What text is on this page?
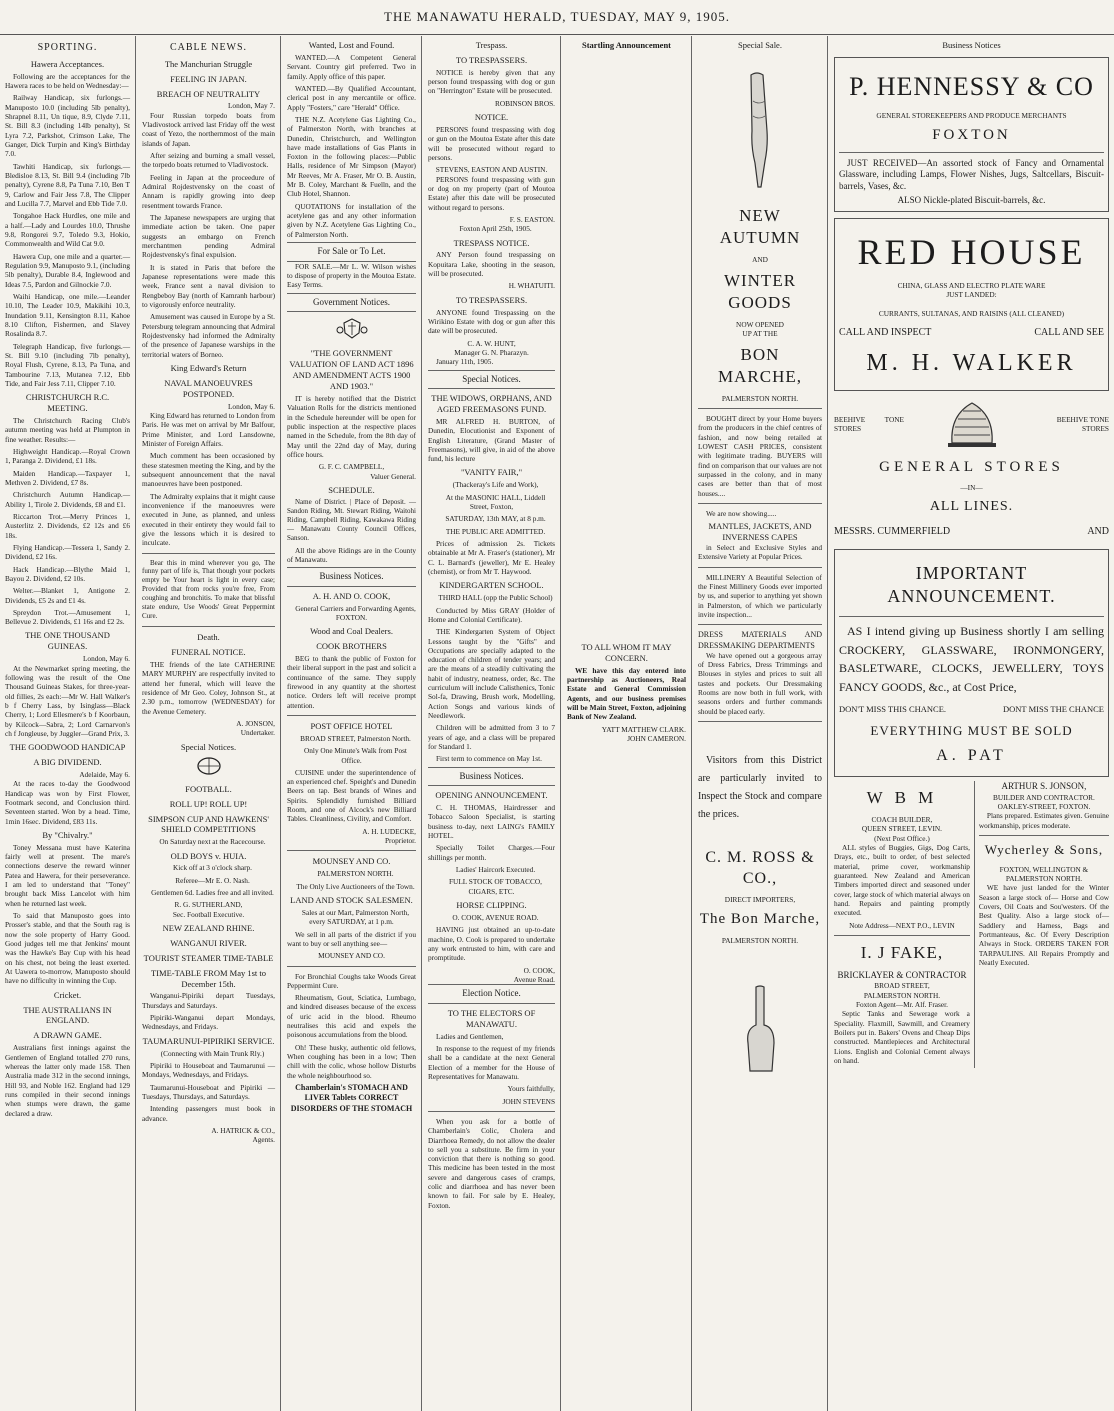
THE MANAWATU HERALD, TUESDAY, MAY 9, 1905.
SPORTING.
Hawera Acceptances.

Following are the acceptances for the Hawera races to be held on Wednesday:—

Railway Handicap, six furlongs.—Manuposto 10.0 (including 5lb penalty), Shrapnel 8.11, Un tique, 8.9, Clyde 7.11, St. Bill 8.3 (including 14lb penalty), St Lyra 7.2, Parkshot, Crimson Lake, The Ganger, Dick Turpin and King's Birthday 7.0.

Tawhiti Handicap, six furlongs.—Bledisloe 8.13, St. Bill 9.4 (including 7lb penalty), Cyrene 8.8, Pa Tuna 7.10, Ben T 9, Carlow and Fair Jess 7.8, The Clipper and Lucilla 7.7, Marvel and Ebb Tide 7.0.

Tongahoe Hack Hurdles, one mile and a half.—Lady and Lourdes 10.0, Thrushe 9.8, Rongorei 9.7, Toledo 9.3, Hokio, Commonwealth and Wild Cat 9.0.

Hawera Cup, one mile and a quarter.—Regulation 9.9, Manuposto 9.1, (including 5lb penalty), Durable 8.4, Inglewood and Ideas 7.5, Pardon and Gilnockie 7.0.

Waihi Handicap, one mile.—Leander 10.10, The Leader 10.9, Makikihi 10.3, Inundation 9.11, Kensington 8.11, Kahoe 8.10 Clifton, Fishermen, and Slavey Rosalinda 8.7.

Telegraph Handicap, five furlongs.—St. Bill 9.10 (including 7lb penalty), Royal Flush, Cyrene, 8.13, Pa Tuna, and Tambourine 7.13, Mutanea 7.12, Ebb Tide, and Fair Jess 7.11, Clipper 7.10.

CHRISTCHURCH R.C. MEETING.

The Christchurch Racing Club's autumn meeting was held at Plumpton in fine weather. Results:—

Highweight Handicap.—Royal Crown 1, Paranga 2. Dividend, £1 18s.

Maiden Handicap.—Taxpayer 1, Methven 2. Dividend, £7 8s.

Christchurch Autumn Handicap.—Ability 1, Tirole 2. Dividends, £8 and £1.

Riccarton Trot.—Merry Princes 1, Austerlitz 2. Dividends, £2 12s and £6 18s.

Flying Handicap.—Tessera 1, Sandy 2. Dividend, £2 16s.

Hack Handicap.—Blythe Maid 1, Bayou 2. Dividend, £2 10s.

Welter.—Blanket 1, Antigone 2. Dividends, £5 2s and £1 4s.

Spreydon Trot.—Amusement 1, Bellevue 2. Dividends, £1 16s and £2 2s.

THE ONE THOUSAND GUINEAS.
London, May 6.

At the Newmarket spring meeting, the following was the result of the One Thousand Guineas Stakes, for three-year-old fillies, 2s each:—Mr W. Hall Walker's b f Cherry Lass, by Isinglass—Black Cherry, 1; Lord Ellesmere's b f Koorbaun, by Kilcock—Sabra, 2; Lord Carnarvon's ch f Jongleuse, by Juggler—Grand Prix, 3.

THE GOODWOOD HANDICAP
A BIG DIVIDEND.
Adelaide, May 6.

At the races to-day the Goodwood Handicap was won by First Flower, Footmark second, and Conclusion third. Seventeen started. Won by a head. Time, 1min 16sec. Dividend, £83 11s.

By "Chivalry."

Toney Messana must have Katerina fairly well at present. The mare's connections deserve the reward winner Patea and Hawera, for their perseverance. I am led to understand that "Toney" brought back Miss Lancelot with him when he returned last week.

To said that Manuposto goes into Prosser's stable, and that the South rag is now the sole property of Harry Good. Good judges tell me that Jenkins' mount was the Hawke's Bay Cup with his head on his chest, not being the least exerted. At Uawera to-morrow, Manuposto should have no difficulty in winning the Cup.

Cricket.
THE AUSTRALIANS IN ENGLAND.
A DRAWN GAME.

Australians first innings against the Gentlemen of England totalled 270 runs, whereas the latter only made 158. Then Australia made 312 in the second innings, Hill 93, and Noble 162. England had 129 runs compiled in their second innings when stumps were drawn, the game declared a draw.

CABLE NEWS.
The Manchurian Struggle
FEELING IN JAPAN.
BREACH OF NEUTRALITY
London, May 7.

Four Russian torpedo boats from Vladivostock arrived last Friday off the west coast of Yezo, the northernmost of the main islands of Japan.

After seizing and burning a small vessel, the torpedo boats returned to Vladivostock.

Feeling in Japan at the proceedure of Admiral Rojdestvensky on the coast of Annam is rapidly growing into deep resentment towards France.

The Japanese newspapers are urging that immediate action be taken. One paper suggests an embargo on French merchantmen pending Admiral Rojdestvensky's final expulsion.

It is stated in Paris that before the Japanese representations were made this week, France sent a naval division to Rengbeboy Bay (north of Kamranh harbour) to vigorously enforce neutrality.

Amusement was caused in Europe by a St. Petersburg telegram announcing that Admiral Rojdestvensky had informed the Admiralty of the presence of Japanese warships in the territorial waters of Borneo.

King Edward's Return
NAVAL MANOEUVRES POSTPONED.
London, May 6.

King Edward has returned to London from Paris. He was met on arrival by Mr Balfour, Prime Minister, and Lord Lansdowne, Minister of Foreign Affairs.

Much comment has been occasioned by these statesmen meeting the King, and by the subsequent announcement that the naval manoeuvres have been postponed.

The Admiralty explains that it might cause inconvenience if the manoeuvres were executed in June, as planned, and unless executed in their entirety they would fail to give the lessons which it is desired to inculcate.

Bear this in mind wherever you go, The funny part of life is, That though your pockets empty be Your heart is light in every case; Provided that from rocks you're free, From coughing and bronchitis. To make that blissful state endure, Use Woods' Great Peppermint Cure.

Death.
FUNERAL NOTICE.

THE friends of the late CATHERINE MARY MURPHY are respectfully invited to attend her funeral, which will leave the residence of Mr Geo. Coley, Johnson St., at 2.30 p.m., tomorrow (WEDNESDAY) for the Avenue Cemetery.

A. JONSON,
Undertaker.
Special Notices.
FOOTBALL.
ROLL UP! ROLL UP!
SIMPSON CUP AND HAWKENS' SHIELD COMPETITIONS

On Saturday next at the Racecourse.

OLD BOYS v. HUIA.

Kick off at 3 o'clock sharp.

Referee—Mr E. O. Nash.

Gentlemen 6d. Ladies free and all invited.

R. G. SUTHERLAND,
Sec. Football Executive.
NEW ZEALAND RHINE.
WANGANUI RIVER.
TOURIST STEAMER TIME-TABLE
TIME-TABLE FROM May 1st to December 15th.

Wanganui-Pipiriki depart Tuesdays, Thursdays and Saturdays.

Pipiriki-Wanganui depart Mondays, Wednesdays, and Fridays.

TAUMARUNUI-PIPIRIKI SERVICE.

(Connecting with Main Trunk Rly.)

Pipiriki to Houseboat and Taumarunui — Mondays, Wednesdays, and Fridays.

Taumarunui-Houseboat and Pipiriki — Tuesdays, Thursdays, and Saturdays.

Intending passengers must book in advance.

A. HATRICK & CO.,
Agents.
Wanted, Lost and Found.

WANTED.—A Competent General Servant. Country girl preferred. Two in family. Apply office of this paper.

WANTED.—By Qualified Accountant, clerical post in any mercantile or office. Apply "Fosters," care "Herald" Office.

THE N.Z. Acetylene Gas Lighting Co., of Palmerston North, with branches at Dunedin, Christchurch, and Wellington have made installations of Gas Plants in Foxton in the following places:—Public Halls, residence of Mr Simpson (Mayor) Mr Reeves, Mr A. Fraser, Mr O. B. Austin, Mr B. Coley, Marchant & Fuelln, and the Club Hotel, Shannon.

QUOTATIONS for installation of the acetylene gas and any other information given by N.Z. Acetylene Gas Lighting Co., of Palmerston North.

For Sale or To Let.

FOR SALE.—Mr L. W. Wilson wishes to dispose of property in the Moutoa Estate. Easy Terms.

Government Notices.
"THE GOVERNMENT VALUATION OF LAND ACT 1896 AND AMENDMENT ACTS 1900 AND 1903."

IT is hereby notified that the District Valuation Rolls for the districts mentioned in the Schedule hereunder will be open for public inspection at the respective places named in the Schedule, from the 8th day of May until the 22nd day of May, during office hours.

G. F. C. CAMPBELL,
Valuer General.
SCHEDULE.

Name of District. | Place of Deposit. — Sandon Riding, Mt. Stewart Riding, Waitohi Riding, Campbell Riding, Kawakawa Riding — Manawatu County Council Offices, Sanson.

All the above Ridings are in the County of Manawatu.

Business Notices.
A. H. AND O. COOK,

General Carriers and Forwarding Agents, FOXTON.

Wood and Coal Dealers.
COOK BROTHERS

BEG to thank the public of Foxton for their liberal support in the past and solicit a continuance of the same. They supply firewood in any quantity at the shortest notice. Orders left will receive prompt attention.

POST OFFICE HOTEL

BROAD STREET, Palmerston North.

Only One Minute's Walk from Post Office.

CUISINE under the superintendence of an experienced chef. Speight's and Dunedin Beers on tap. Best brands of Wines and Spirits. Splendidly furnished Billiard Room, and one of Alcock's new Billiard Tables. Cleanliness, Civility, and Comfort.

A. H. LUDECKE,
Proprietor.
MOUNSEY AND CO.

PALMERSTON NORTH.

The Only Live Auctioneers of the Town.

LAND AND STOCK SALESMEN.

Sales at our Mart, Palmerston North, every SATURDAY, at 1 p.m.

We sell in all parts of the district if you want to buy or sell anything see—

MOUNSEY AND CO.

For Bronchial Coughs take Woods Great Peppermint Cure.

Rheumatism, Gout, Sciatica, Lumbago, and kindred diseases because of the excess of uric acid in the blood. Rheumo neutralises this acid and expels the poisonous accumulations from the blood.

Oh! These husky, authentic old fellows, When coughing has been in a low; Then chill with the colic, whose hollow Disturbs the whole neighbourhood so.

Chamberlain's STOMACH AND LIVER Tablets CORRECT DISORDERS OF THE STOMACH
Trespass.
TO TRESPASSERS.

NOTICE is hereby given that any person found trespassing with dog or gun on "Herrington" Estate will be prosecuted.

ROBINSON BROS.
NOTICE.

PERSONS found trespassing with dog or gun on the Moutoa Estate after this date will be prosecuted without regard to persons.

STEVENS, EASTON AND AUSTIN.

PERSONS found trespassing with gun or dog on my property (part of Moutoa Estate) after this date will be prosecuted without regard to persons.

F. S. EASTON.

Foxton April 25th, 1905.

TRESPASS NOTICE.

ANY Person found trespassing on Kopuitara Lake, shooting in the season, will be prosecuted.

H. WHATUITI.
TO TRESPASSERS.

ANYONE found Trespassing on the Wirikino Estate with dog or gun after this date will be prosecuted.

C. A. W. HUNT,
Manager G. N. Pharazyn.

January 11th, 1905.

Special Notices.
THE WIDOWS, ORPHANS, AND AGED FREEMASONS FUND.

MR ALFRED H. BURTON, of Dunedin, Elocutionist and Exponent of English Literature, (Grand Master of Freemasons), will give, in aid of the above fund, his lecture

"VANITY FAIR,"

(Thackeray's Life and Work),

At the MASONIC HALL, Liddell Street, Foxton,

SATURDAY, 13th MAY, at 8 p.m.

THE PUBLIC ARE ADMITTED.

Prices of admission 2s. Tickets obtainable at Mr A. Fraser's (stationer), Mr C. L. Barnard's (jeweller), Mr E. Healey (chemist), or from Mr T. Haywood.

KINDERGARTEN SCHOOL.

THIRD HALL (opp the Public School)

Conducted by Miss GRAY (Holder of Home and Colonial Certificate).

THE Kindergarten System of Object Lessons taught by the "Gifts" and Occupations are specially adapted to the education of children of tender years; and are the means of a steadily cultivating the habit of industry, neatness, order, &c. The curriculum will include Calisthenics, Tonic Sol-fa, Drawing, Brush work, Modelling, Action Songs and various kinds of Needlework.

Children will be admitted from 3 to 7 years of age, and a class will be prepared for Standard 1.

First term to commence on May 1st.

Business Notices.
OPENING ANNOUNCEMENT.

C. H. THOMAS, Hairdresser and Tobacco Saloon Specialist, is starting business to-day, next LAING's FAMILY HOTEL.

Specially Toilet Charges.—Four shillings per month.

Ladies' Haircork Executed.

FULL STOCK OF TOBACCO, CIGARS, ETC.

HORSE CLIPPING.

O. COOK, AVENUE ROAD.

HAVING just obtained an up-to-date machine, O. Cook is prepared to undertake any work entrusted to him, with care and promptitude.

O. COOK,
Avenue Road.
Election Notice.
TO THE ELECTORS OF MANAWATU.

Ladies and Gentlemen,

In response to the request of my friends shall be a candidate at the next General Election of a member for the House of Representatives for Manawatu.

Yours faithfully,

JOHN STEVENS

When you ask for a bottle of Chamberlain's Colic, Cholera and Diarrhoea Remedy, do not allow the dealer to sell you a substitute. Be firm in your conviction that there is nothing so good. This medicine has been tested in the most severe and dangerous cases of cramps, colic and diarrhoea and has never been known to fail. For sale by E. Healey, Foxton.

Startling Announcement
TO ALL WHOM IT MAY CONCERN.

WE have this day entered into partnership as Auctioneers, Real Estate and General Commission Agents, and our business premises will be Main Street, Foxton, adjoining Bank of New Zealand.

YATT MATTHEW CLARK.
JOHN CAMERON.
Special Sale.
NEW AUTUMN
AND
WINTER GOODS
NOW OPENED
UP AT THE
BON MARCHE,
PALMERSTON NORTH.

BOUGHT direct by your Home buyers from the producers in the chief centres of fashion, and now being retailed at LOWEST CASH PRICES, consistent with legitimate trading. BUYERS will find on comparison that our values are not surpassed in the colony, and in many cases are better than that of most houses....

We are now showing.....

MANTLES, JACKETS, AND INVERNESS CAPES

in Select and Exclusive Styles and Extensive Variety at Popular Prices.

MILLINERY A Beautiful Selection of the Finest Millinery Goods ever imported by us, and superior to anything yet shown in Palmerston, of which we particularly invite inspection...

DRESS MATERIALS AND DRESSMAKING DEPARTMENTS

We have opened out a gorgeous array of Dress Fabrics, Dress Trimmings and Blouses in styles and prices to suit all tastes and pockets. Our Dressmaking Rooms are now both in full work, with seasons orders and further commands should be placed early.

Visitors from this District are particularly invited to Inspect the Stock and compare the prices.

C. M. ROSS & CO.,
DIRECT IMPORTERS,
The Bon Marche,
PALMERSTON NORTH.
Business Notices
P. HENNESSY & CO
GENERAL STOREKEEPERS AND PRODUCE MERCHANTS
FOXTON

JUST RECEIVED—An assorted stock of Fancy and Ornamental Glassware, including Lamps, Flower Nishes, Jugs, Saltcellars, Biscuit-barrels, Vases, &c.

ALSO Nickle-plated Biscuit-barrels, &c.
RED HOUSE
CHINA, GLASS AND ELECTRO PLATE WARE
JUST LANDED:
CURRANTS, SULTANAS, AND RAISINS (ALL CLEANED)
CALL AND INSPECT	CALL AND SEE
M. H. WALKER
BEEHIVE TONE STORES
BEEHIVE TONE STORES
GENERAL STORES
—IN—
ALL LINES.
MESSRS. CUMMERFIELD	AND
IMPORTANT ANNOUNCEMENT.

AS I intend giving up Business shortly I am selling CROCKERY, GLASSWARE, IRONMONGERY, BASLETWARE, CLOCKS, JEWELLERY, TOYS FANCY GOODS, &c., at Cost Price,

DON'T MISS THIS CHANCE.	DONT MISS THE CHANCE
EVERYTHING MUST BE SOLD
A. PAT
W B M
COACH BUILDER,
QUEEN STREET, LEVIN.
(Next Post Office.)

ALL styles of Buggies, Gigs, Dog Carts, Drays, etc., built to order, of best selected material, prime cover, workmanship guaranteed. New Zealand and American Timbers imported direct and seasoned under cover, large stock of which material always on hand. Repairs and painting promptly executed.

Note Address—NEXT P.O., LEVIN
I. J FAKE,
BRICKLAYER & CONTRACTOR
BROAD STREET,
PALMERSTON NORTH.
Foxton Agent—Mr. Alf. Fraser.

Septic Tanks and Sewerage work a Speciality. Flaxmill, Sawmill, and Creamery Boilers put in. Bakers' Ovens and Cheap Dips constructed. Mantlepieces and Architectural Lions. English and Colonial Cement always on hand.

ARTHUR S. JONSON,
BUILDER AND CONTRACTOR.
OAKLEY-STREET, FOXTON.

Plans prepared. Estimates given. Genuine workmanship, prices moderate.

Wycherley & Sons,
FOXTON, WELLINGTON & PALMERSTON NORTH.

WE have just landed for the Winter Season a large stock of— Horse and Cow Covers, Oil Coats and Sou'westers. Of the Best Quality. Also a large stock of— Saddlery and Harness, Bags and Portmanteaus, &c. Of Every Description Always in Stock. ORDERS TAKEN FOR TARPAULINS. All Repairs Promptly and Neatly Executed.
